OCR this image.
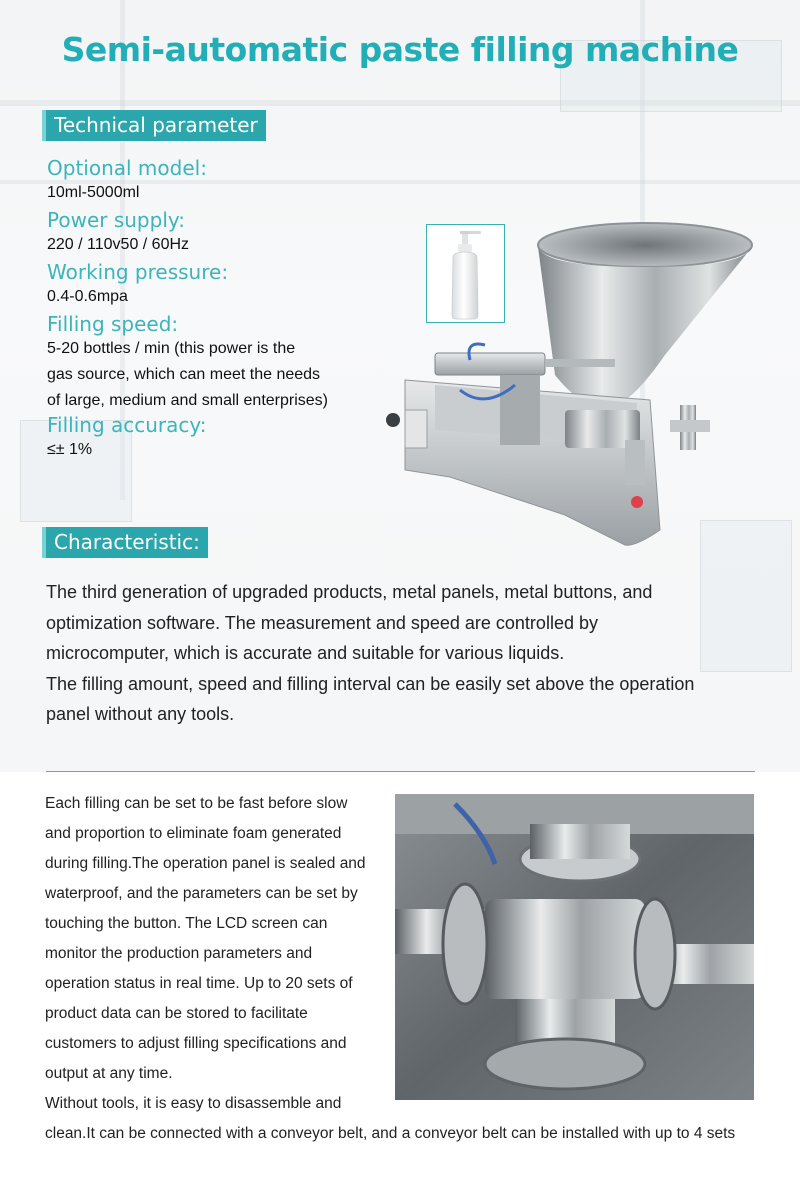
Semi-automatic paste filling machine
Technical parameter
Optional model:
10ml-5000ml
Power supply:
220 / 110v50 / 60Hz
Working pressure:
0.4-0.6mpa
Filling speed:
5-20 bottles / min (this power is the
gas source, which can meet the needs
of large, medium and small enterprises)
Filling accuracy:
≤± 1%
Characteristic:
The third generation of upgraded products, metal panels, metal buttons, and
optimization software. The measurement and speed are controlled by
microcomputer, which is accurate and suitable for various liquids.
The filling amount, speed and filling interval can be easily set above the operation
panel without any tools.
Each filling can be set to be fast before slow
and proportion to eliminate foam generated
during filling.The operation panel is sealed and
waterproof, and the parameters can be set by
touching the button. The LCD screen can
monitor the production parameters and
operation status in real time. Up to 20 sets of
product data can be stored to facilitate
customers to adjust filling specifications and
output at any time.
Without tools, it is easy to disassemble and
clean.It can be connected with a conveyor belt, and a conveyor belt can be installed with up to 4 sets
